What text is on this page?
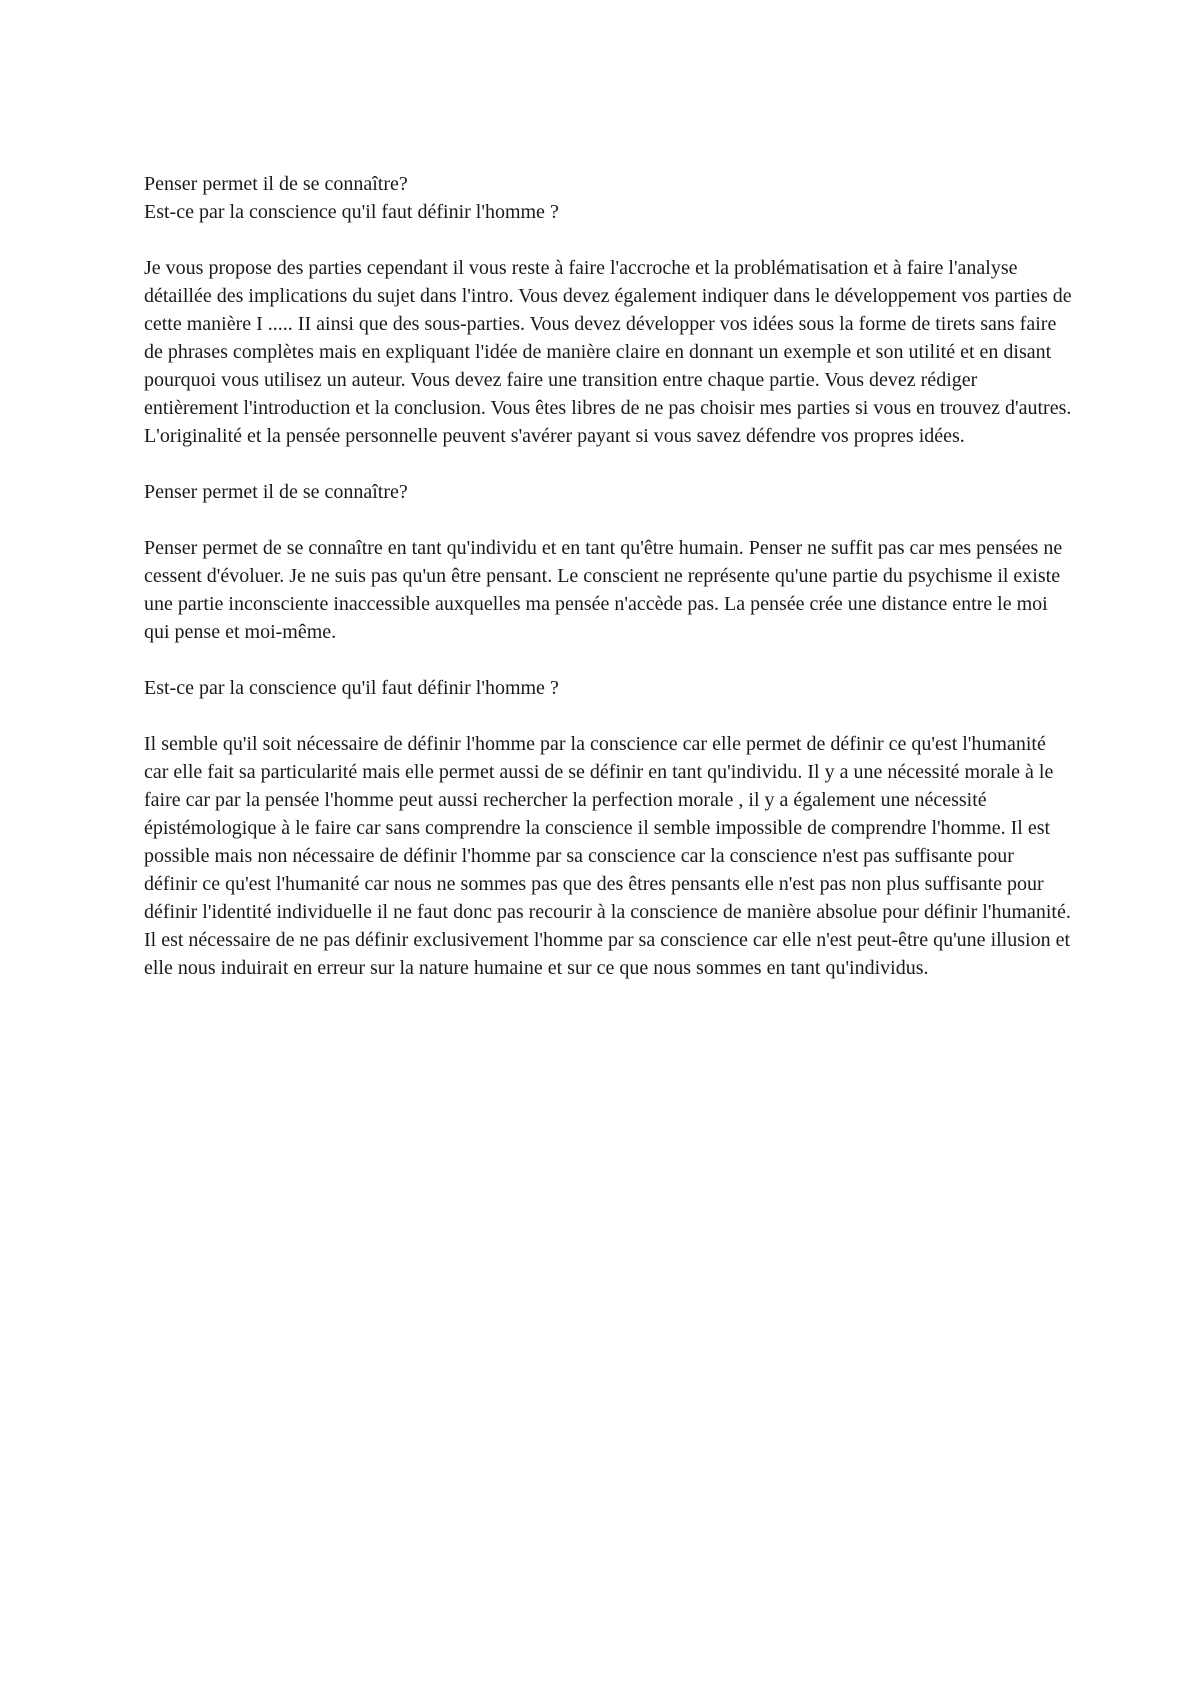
Penser permet il de se connaître?

Est-ce par la conscience qu'il faut définir l'homme ?

Je vous propose des parties cependant il vous reste à faire l'accroche et la problématisation et à faire l'analyse détaillée des implications du sujet dans l'intro. Vous devez également indiquer dans le développement vos parties de cette manière I ..... II ainsi que des sous-parties. Vous devez développer vos idées sous la forme de tirets sans faire de phrases complètes mais en expliquant l'idée de manière claire en donnant un exemple et son utilité et en disant pourquoi vous utilisez un auteur. Vous devez faire une transition entre chaque partie. Vous devez rédiger entièrement l'introduction et la conclusion. Vous êtes libres de ne pas choisir mes parties si vous en trouvez d'autres. L'originalité et la pensée personnelle peuvent s'avérer payant si vous savez défendre vos propres idées.

Penser permet il de se connaître?

Penser permet de se connaître en tant qu'individu et en tant qu'être humain. Penser ne suffit pas car mes pensées ne cessent d'évoluer. Je ne suis pas qu'un être pensant. Le conscient ne représente qu'une partie du psychisme il existe une partie inconsciente inaccessible auxquelles ma pensée n'accède pas. La pensée crée une distance entre le moi qui pense et moi-même.

Est-ce par la conscience qu'il faut définir l'homme ?

Il semble qu'il soit nécessaire de définir l'homme par la conscience car elle permet de définir ce qu'est l'humanité car elle fait sa particularité mais elle permet aussi de se définir en tant qu'individu. Il y a une nécessité morale à le faire car par la pensée l'homme peut aussi rechercher la perfection morale , il y a également une nécessité épistémologique à le faire car sans comprendre la conscience il semble impossible de comprendre l'homme. Il est possible mais non nécessaire de définir l'homme par sa conscience car la conscience n'est pas suffisante pour définir ce qu'est l'humanité car nous ne sommes pas que des êtres pensants elle n'est pas non plus suffisante pour définir l'identité individuelle il ne faut donc pas recourir à la conscience de manière absolue pour définir l'humanité. Il est nécessaire de ne pas définir exclusivement l'homme par sa conscience car elle n'est peut-être qu'une illusion et elle nous induirait en erreur sur la nature humaine et sur ce que nous sommes en tant qu'individus.
